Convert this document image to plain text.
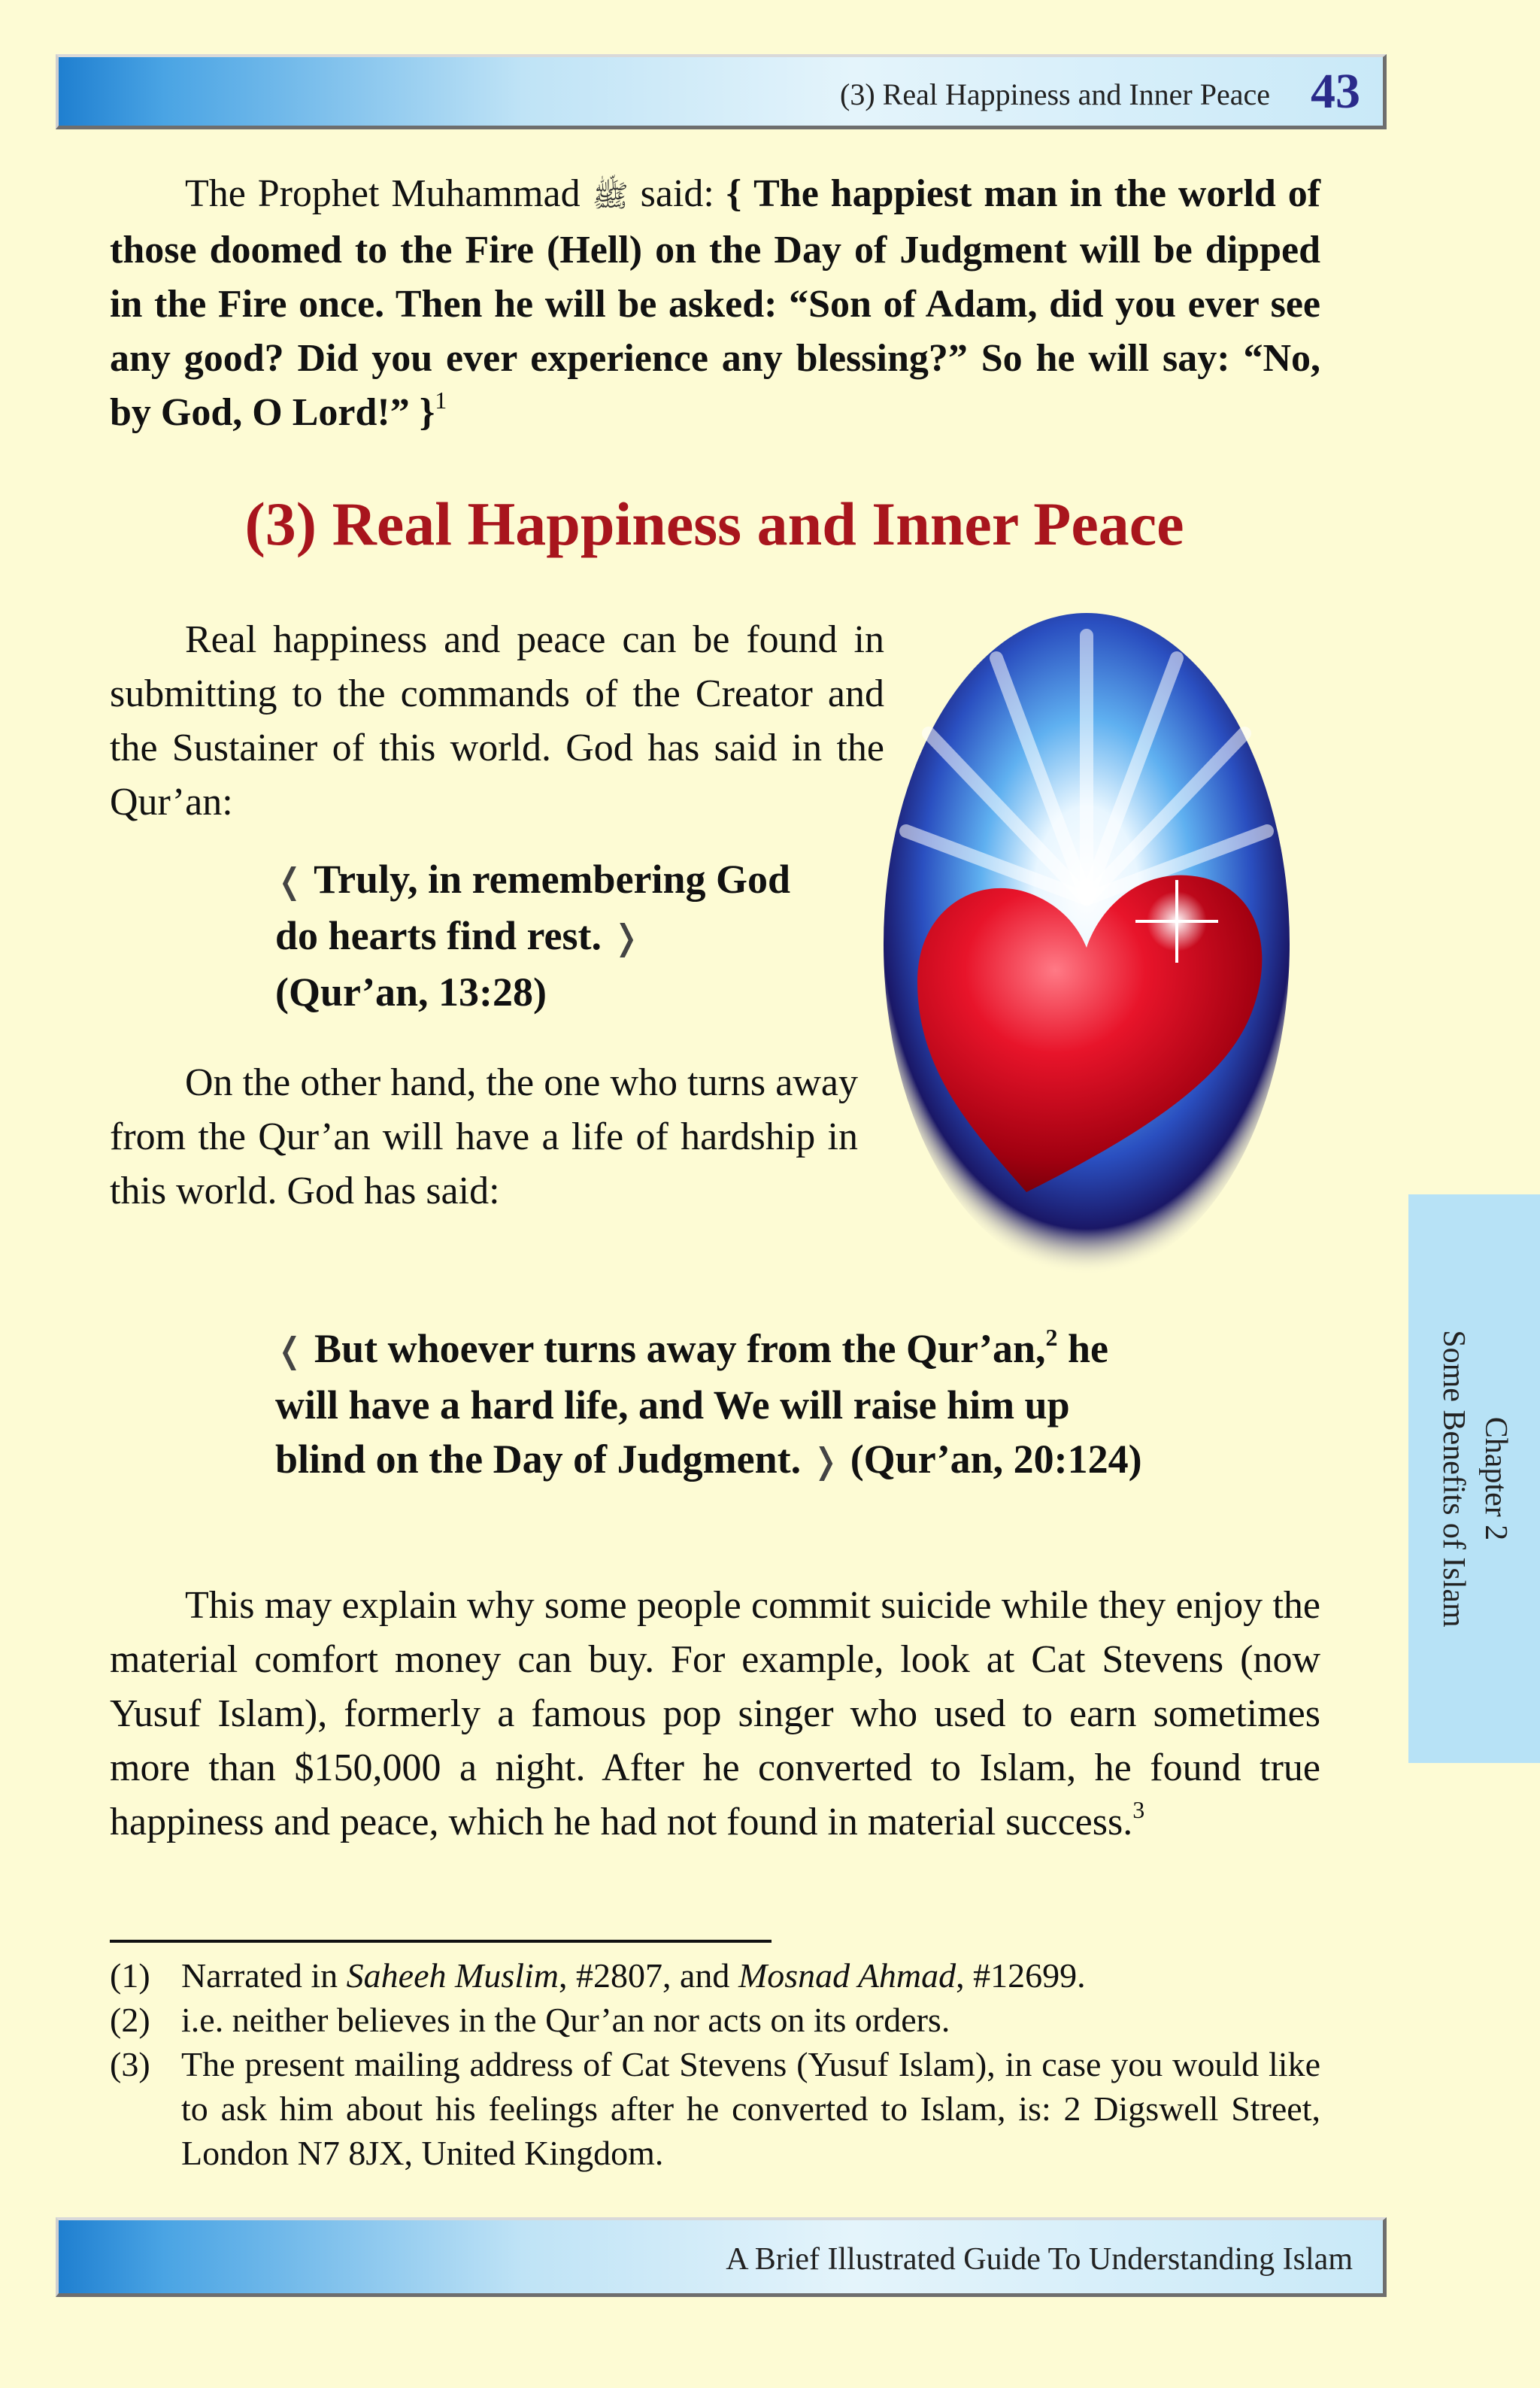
(3) Real Happiness and Inner Peace 43

The Prophet Muhammad ﷺ said: { The happiest man in the world of those doomed to the Fire (Hell) on the Day of Judgment will be dipped in the Fire once. Then he will be asked: “Son of Adam, did you ever see any good? Did you ever experience any blessing?” So he will say: “No, by God, O Lord!” }$^1$

(3) Real Happiness and Inner Peace

Real happiness and peace can be found in submitting to the commands of the Creator and the Sustainer of this world. God has said in the Qur’an:

❬ Truly, in remembering God do hearts find rest. ❭
(Qur’an, 13:28)

On the other hand, the one who turns away from the Qur’an will have a life of hardship in this world. God has said:

❬ But whoever turns away from the Qur’an,$^2$ he will have a hard life, and We will raise him up blind on the Day of Judgment. ❭ (Qur’an, 20:124)

This may explain why some people commit suicide while they enjoy the material comfort money can buy. For example, look at Cat Stevens (now Yusuf Islam), formerly a famous pop singer who used to earn sometimes more than $150,000 a night. After he converted to Islam, he found true happiness and peace, which he had not found in material success.$^3$

(1) Narrated in Saheeh Muslim, #2807, and Mosnad Ahmad, #12699.
(2) i.e. neither believes in the Qur’an nor acts on its orders.
(3) The present mailing address of Cat Stevens (Yusuf Islam), in case you would like to ask him about his feelings after he converted to Islam, is: 2 Digswell Street, London N7 8JX, United Kingdom.
Chapter 2
Some Benefits of Islam
A Brief Illustrated Guide To Understanding Islam
